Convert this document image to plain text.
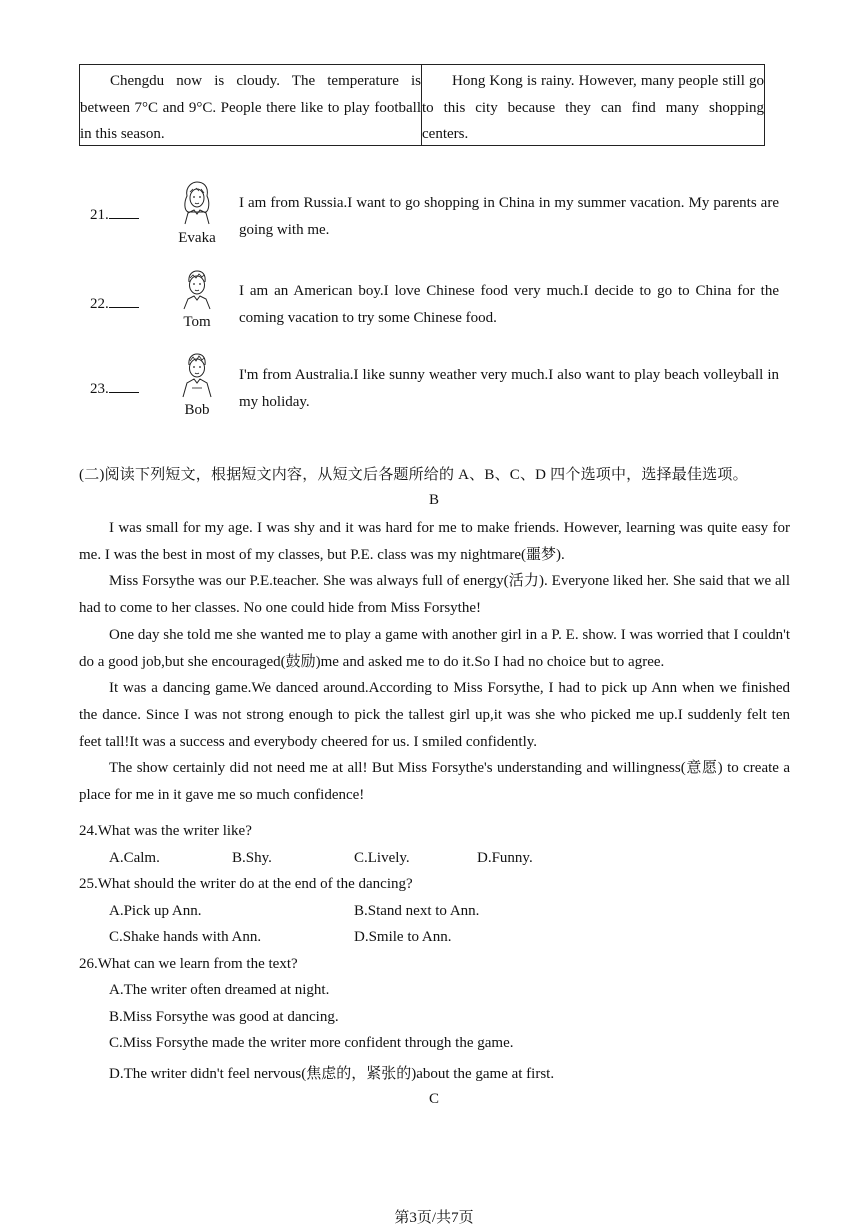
Chengdu now is cloudy. The temperature is between 7°C and 9°C. People there like to play football in this season.

Hong Kong is rainy. However, many people still go to this city because they can find many shopping centers.

21.
Evaka
I am from Russia.I want to go shopping in China in my summer vacation. My parents are going with me.
22.
Tom
I am an American boy.I love Chinese food very much.I decide to go to China for the coming vacation to try some Chinese food.
23.
Bob
I'm from Australia.I like sunny weather very much.I also want to play beach volleyball in my holiday.
(二)阅读下列短文，根据短文内容，从短文后各题所给的 A、B、C、D 四个选项中，选择最佳选项。
B

I was small for my age. I was shy and it was hard for me to make friends. However, learning was quite easy for me. I was the best in most of my classes, but P.E. class was my nightmare(噩梦).

Miss Forsythe was our P.E.teacher. She was always full of energy(活力). Everyone liked her. She said that we all had to come to her classes. No one could hide from Miss Forsythe!

One day she told me she wanted me to play a game with another girl in a P. E. show. I was worried that I couldn't do a good job,but she encouraged(鼓励)me and asked me to do it.So I had no choice but to agree.

It was a dancing game.We danced around.According to Miss Forsythe, I had to pick up Ann when we finished the dance. Since I was not strong enough to pick the tallest girl up,it was she who picked me up.I suddenly felt ten feet tall!It was a success and everybody cheered for us. I smiled confidently.

The show certainly did not need me at all! But Miss Forsythe's understanding and willingness(意愿) to create a place for me in it gave me so much confidence!

24.What was the writer like?
A.Calm.	B.Shy.	C.Lively.	D.Funny.
25.What should the writer do at the end of the dancing?
A.Pick up Ann.	B.Stand next to Ann.
C.Shake hands with Ann.	D.Smile to Ann.
26.What can we learn from the text?
A.The writer often dreamed at night.
B.Miss Forsythe was good at dancing.
C.Miss Forsythe made the writer more confident through the game.
D.The writer didn't feel nervous(焦虑的，紧张的)about the game at first.
C
第3页/共7页
